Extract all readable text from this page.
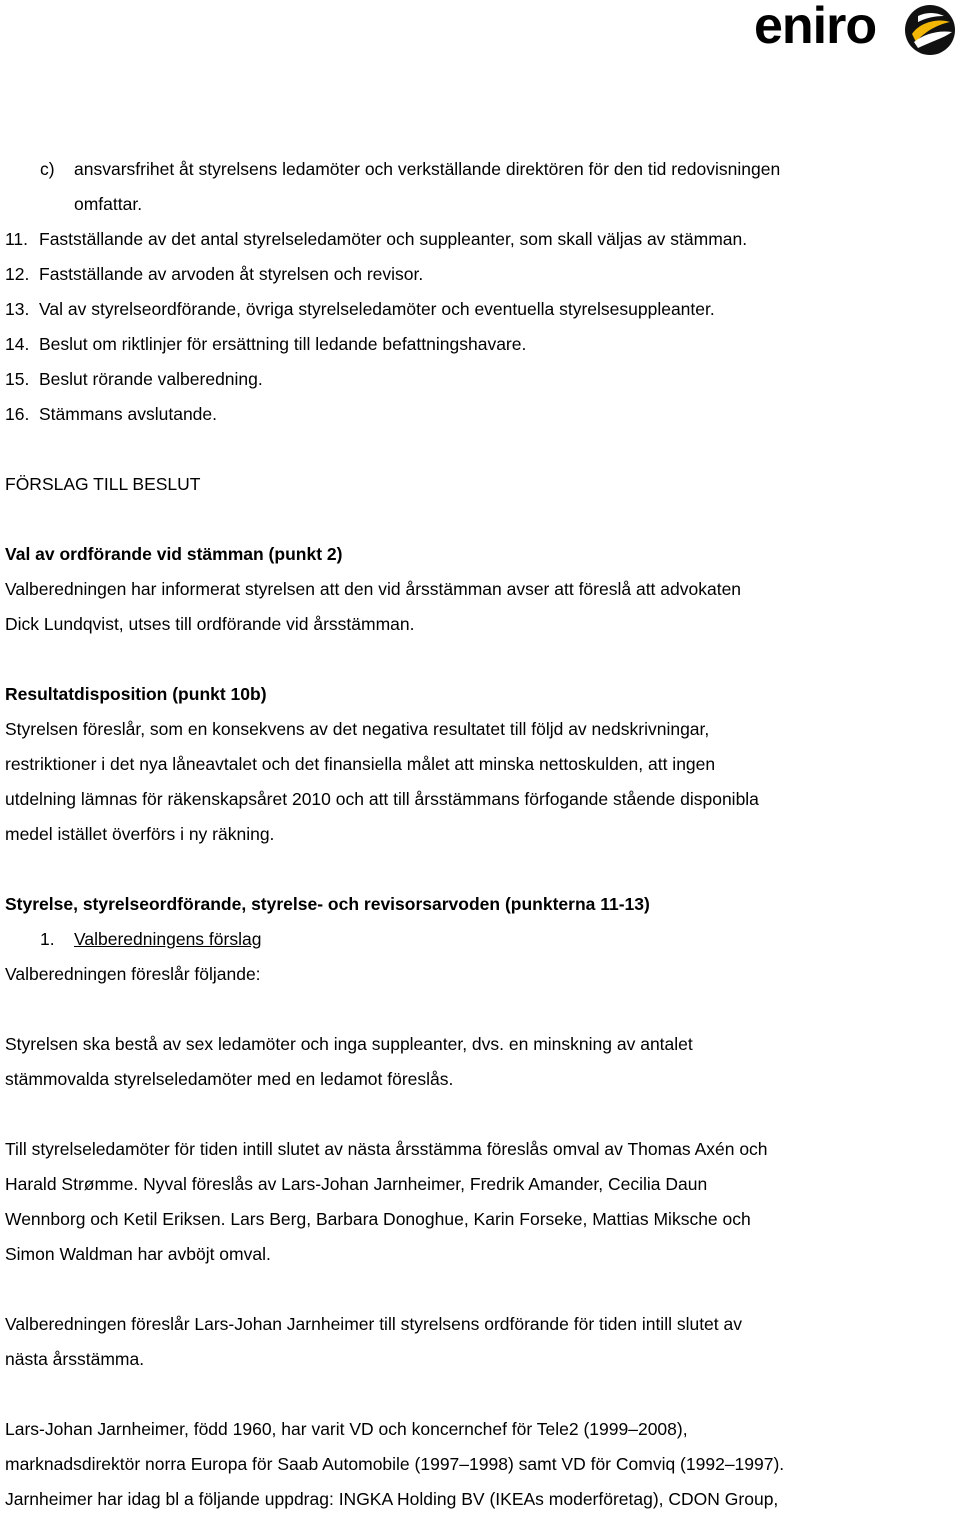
eniro
c) ansvarsfrihet åt styrelsens ledamöter och verkställande direktören för den tid redovisningen
omfattar.
11. Fastställande av det antal styrelseledamöter och suppleanter, som skall väljas av stämman.
12. Fastställande av arvoden åt styrelsen och revisor.
13. Val av styrelseordförande, övriga styrelseledamöter och eventuella styrelsesuppleanter.
14. Beslut om riktlinjer för ersättning till ledande befattningshavare.
15. Beslut rörande valberedning.
16. Stämmans avslutande.
FÖRSLAG TILL BESLUT
Val av ordförande vid stämman (punkt 2)
Valberedningen har informerat styrelsen att den vid årsstämman avser att föreslå att advokaten
Dick Lundqvist, utses till ordförande vid årsstämman.
Resultatdisposition (punkt 10b)
Styrelsen föreslår, som en konsekvens av det negativa resultatet till följd av nedskrivningar,
restriktioner i det nya låneavtalet och det finansiella målet att minska nettoskulden, att ingen
utdelning lämnas för räkenskapsåret 2010 och att till årsstämmans förfogande stående disponibla
medel istället överförs i ny räkning.
Styrelse, styrelseordförande, styrelse- och revisorsarvoden (punkterna 11-13)
1. Valberedningens förslag
Valberedningen föreslår följande:
Styrelsen ska bestå av sex ledamöter och inga suppleanter, dvs. en minskning av antalet
stämmovalda styrelseledamöter med en ledamot föreslås.
Till styrelseledamöter för tiden intill slutet av nästa årsstämma föreslås omval av Thomas Axén och
Harald Strømme. Nyval föreslås av Lars-Johan Jarnheimer, Fredrik Amander, Cecilia Daun
Wennborg och Ketil Eriksen. Lars Berg, Barbara Donoghue, Karin Forseke, Mattias Miksche och
Simon Waldman har avböjt omval.
Valberedningen föreslår Lars-Johan Jarnheimer till styrelsens ordförande för tiden intill slutet av
nästa årsstämma.
Lars-Johan Jarnheimer, född 1960, har varit VD och koncernchef för Tele2 (1999–2008),
marknadsdirektör norra Europa för Saab Automobile (1997–1998) samt VD för Comviq (1992–1997).
Jarnheimer har idag bl a följande uppdrag: INGKA Holding BV (IKEAs moderföretag), CDON Group,
